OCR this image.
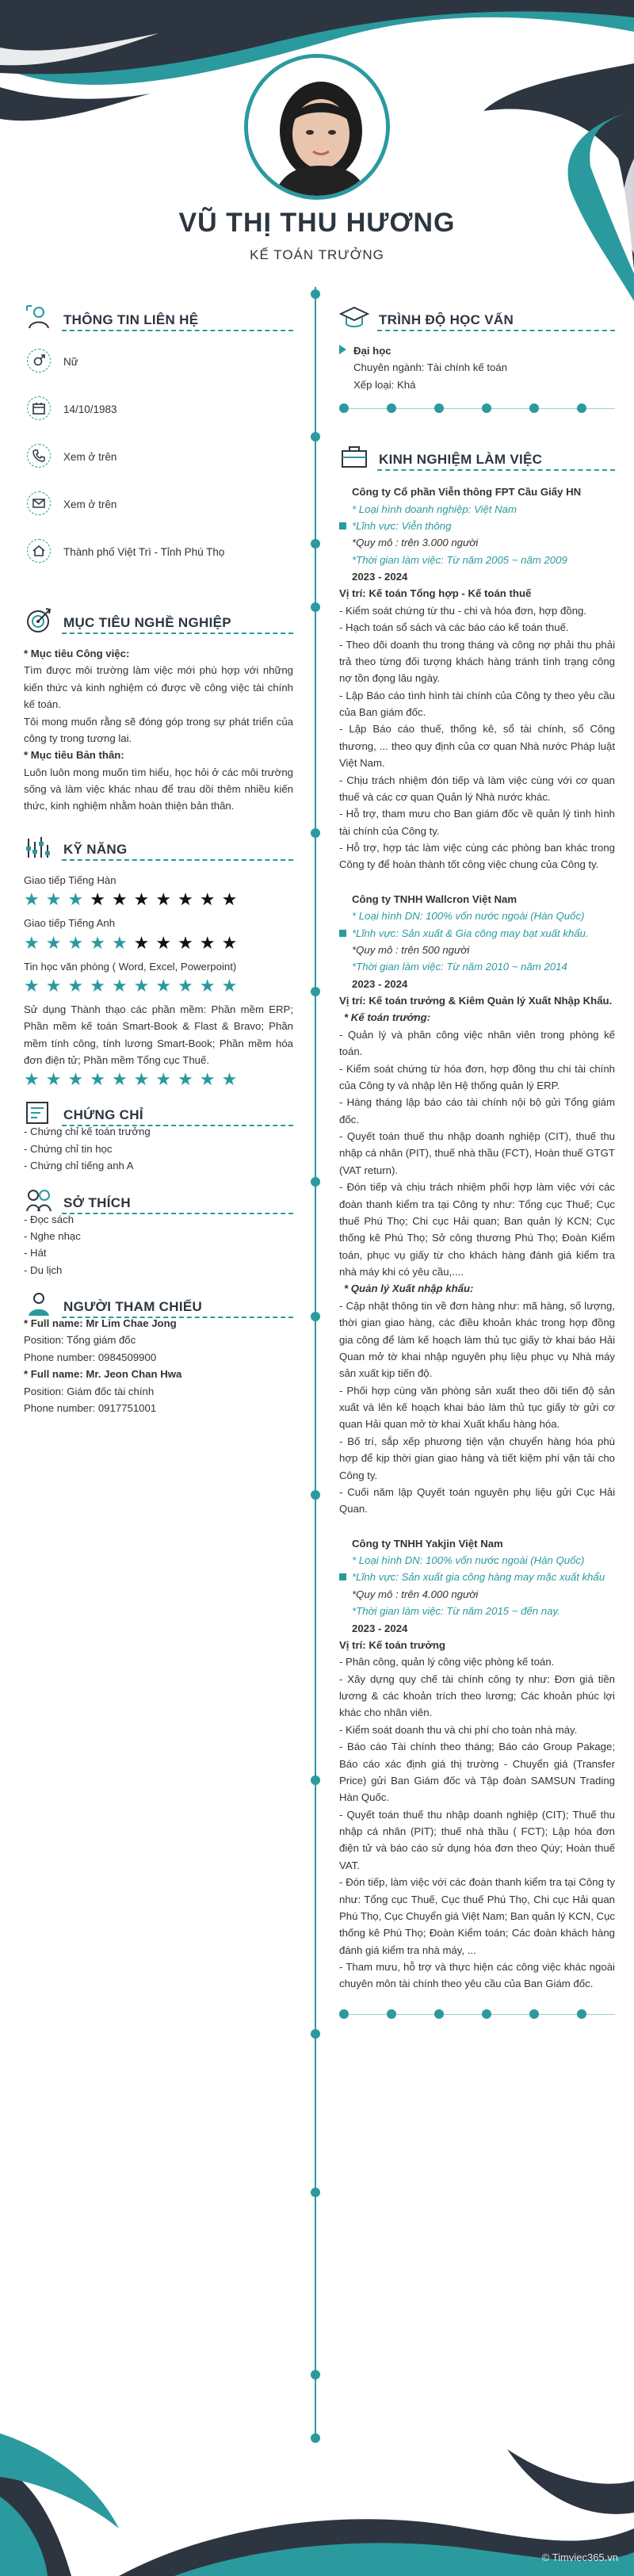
VŨ THỊ THU HƯƠNG
KẾ TOÁN TRƯỞNG
THÔNG TIN LIÊN HỆ
Nữ
14/10/1983
Xem ở trên
Xem ở trên
Thành phố Việt Trì - Tỉnh Phú Thọ
MỤC TIÊU NGHỀ NGHIỆP

* Mục tiêu Công việc:

Tìm được môi trường làm việc mới phù hợp với những kiến thức và kinh nghiệm có được về công việc tài chính kế toán.

Tôi mong muốn rằng sẽ đóng góp trong sự phát triển của công ty trong tương lai.

* Mục tiêu Bản thân:

Luôn luôn mong muốn tìm hiểu, học hỏi ở các môi trường sống và làm việc khác nhau để trau dồi thêm nhiều kiến thức, kinh nghiệm nhằm hoàn thiện bản thân.

KỸ NĂNG
Giao tiếp Tiếng Hàn
★ ★ ★ ★ ★ ★ ★ ★ ★ ★
Giao tiếp Tiếng Anh
★ ★ ★ ★ ★ ★ ★ ★ ★ ★
Tin học văn phòng ( Word, Excel, Powerpoint)
★ ★ ★ ★ ★ ★ ★ ★ ★ ★
Sử dụng Thành thạo các phần mềm: Phần mềm ERP; Phần mềm kế toán Smart-Book & Flast & Bravo; Phần mềm tính công, tính lương Smart-Book; Phần mềm hóa đơn điện tử; Phần mềm Tổng cục Thuế.
★ ★ ★ ★ ★ ★ ★ ★ ★ ★
CHỨNG CHỈ
- Chứng chỉ kế toán trưởng
- Chứng chỉ tin học
- Chứng chỉ tiếng anh A
SỞ THÍCH
- Đọc sách
- Nghe nhạc
- Hát
- Du lịch
NGƯỜI THAM CHIẾU
* Full name: Mr Lim Chae Jong
Position: Tổng giám đốc
Phone number: 0984509900
* Full name: Mr. Jeon Chan Hwa
Position: Giám đốc tài chính
Phone number: 0917751001
TRÌNH ĐỘ HỌC VẤN
Đại học
Chuyên ngành: Tài chính kế toán
Xếp loại: Khá
KINH NGHIỆM LÀM VIỆC
Công ty Cổ phần Viễn thông FPT Cầu Giấy HN
* Loại hình doanh nghiệp: Việt Nam
*Lĩnh vực: Viễn thông
*Quy mô : trên 3.000 người
*Thời gian làm việc: Từ năm 2005 ~ năm 2009
2023 - 2024
Vị trí: Kế toán Tổng hợp - Kế toán thuế

- Kiểm soát chứng từ thu - chi và hóa đơn, hợp đồng.

- Hạch toán sổ sách và các báo cáo kế toán thuế.

- Theo dõi doanh thu trong tháng và công nợ phải thu phải trả theo từng đối tượng khách hàng tránh tình trạng công nợ tồn đọng lâu ngày.

- Lập Báo cáo tình hình tài chính của Công ty theo yêu cầu của Ban giám đốc.

- Lập Báo cáo thuế, thống kê, sổ tài chính, sổ Công thương, ... theo quy định của cơ quan Nhà nước Pháp luật Việt Nam.

- Chịu trách nhiệm đón tiếp và làm việc cùng với cơ quan thuế và các cơ quan Quản lý Nhà nước khác.

- Hỗ trợ, tham mưu cho Ban giám đốc về quản lý tình hình tài chính của Công ty.

- Hỗ trợ, hợp tác làm việc cùng các phòng ban khác trong Công ty để hoàn thành tốt công việc chung của Công ty.

Công ty TNHH Wallcron Việt Nam
* Loại hình DN: 100% vốn nước ngoài (Hàn Quốc)
*Lĩnh vực: Sản xuất & Gia công may bạt xuất khẩu.
*Quy mô : trên 500 người
*Thời gian làm việc: Từ năm 2010 ~ năm 2014
2023 - 2024
Vị trí: Kế toán trưởng & Kiêm Quản lý Xuất Nhập Khẩu.
* Kế toán trưởng:

- Quản lý và phân công việc nhân viên trong phòng kế toán.

- Kiểm soát chứng từ hóa đơn, hợp đồng thu chi tài chính của Công ty và nhập lên Hệ thống quản lý ERP.

- Hàng tháng lập báo cáo tài chính nội bộ gửi Tổng giám đốc.

- Quyết toán thuế thu nhập doanh nghiệp (CIT), thuế thu nhập cá nhân (PIT), thuế nhà thầu (FCT), Hoàn thuế GTGT (VAT return).

- Đón tiếp và chịu trách nhiệm phối hợp làm việc với các đoàn thanh kiểm tra tại Công ty như: Tổng cục Thuế; Cục thuế Phú Thọ; Chi cục Hải quan; Ban quản lý KCN; Cục thống kê Phú Thọ; Sở công thương Phú Thọ; Đoàn Kiểm toán, phục vụ giấy từ cho khách hàng đánh giá kiểm tra nhà máy khi có yêu cầu,....

* Quản lý Xuất nhập khẩu:

- Cập nhật thông tin về đơn hàng như: mã hàng, số lượng, thời gian giao hàng, các điều khoản khác trong hợp đồng gia công để làm kế hoạch làm thủ tục giấy tờ khai báo Hải Quan mở tờ khai nhập nguyên phụ liệu phục vụ Nhà máy sản xuất kịp tiến độ.

- Phối hợp cùng văn phòng sản xuất theo dõi tiến độ sản xuất và lên kế hoạch khai báo làm thủ tục giấy tờ gửi cơ quan Hải quan mở tờ khai Xuất khẩu hàng hóa.

- Bố trí, sắp xếp phương tiện vận chuyển hàng hóa phù hợp để kịp thời gian giao hàng và tiết kiệm phí vận tải cho Công ty.

- Cuối năm lập Quyết toán nguyên phụ liệu gửi Cục Hải Quan.

Công ty TNHH Yakjin Việt Nam
* Loại hình DN: 100% vốn nước ngoài (Hàn Quốc)
*Lĩnh vực: Sản xuất gia công hàng may mặc xuất khẩu
*Quy mô : trên 4.000 người
*Thời gian làm việc: Từ năm 2015 ~ đến nay.
2023 - 2024
Vị trí: Kế toán trưởng

- Phân công, quản lý công việc phòng kế toán.

- Xây dựng quy chế tài chính công ty như: Đơn giá tiền lương & các khoản trích theo lương; Các khoản phúc lợi khác cho nhân viên.

- Kiểm soát doanh thu và chi phí cho toàn nhà máy.

- Báo cáo Tài chính theo tháng; Báo cáo Group Pakage; Báo cáo xác định giá thị trường - Chuyển giá (Transfer Price) gửi Ban Giám đốc và Tập đoàn SAMSUN Trading Hàn Quốc.

- Quyết toán thuế thu nhập doanh nghiệp (CIT); Thuế thu nhập cá nhân (PIT); thuế nhà thầu ( FCT); Lập hóa đơn điện tử và báo cáo sử dụng hóa đơn theo Qúy; Hoàn thuế VAT.

- Đón tiếp, làm việc với các đoàn thanh kiểm tra tại Công ty như: Tổng cục Thuế, Cục thuế Phú Thọ, Chi cục Hải quan Phú Thọ, Cục Chuyển giá Việt Nam; Ban quản lý KCN, Cục thống kê Phú Thọ; Đoàn Kiểm toán; Các đoàn khách hàng đánh giá kiểm tra nhà máy, ...

- Tham mưu, hỗ trợ và thực hiện các công việc khác ngoài chuyên môn tài chính theo yêu cầu của Ban Giám đốc.

© Timviec365.vn
